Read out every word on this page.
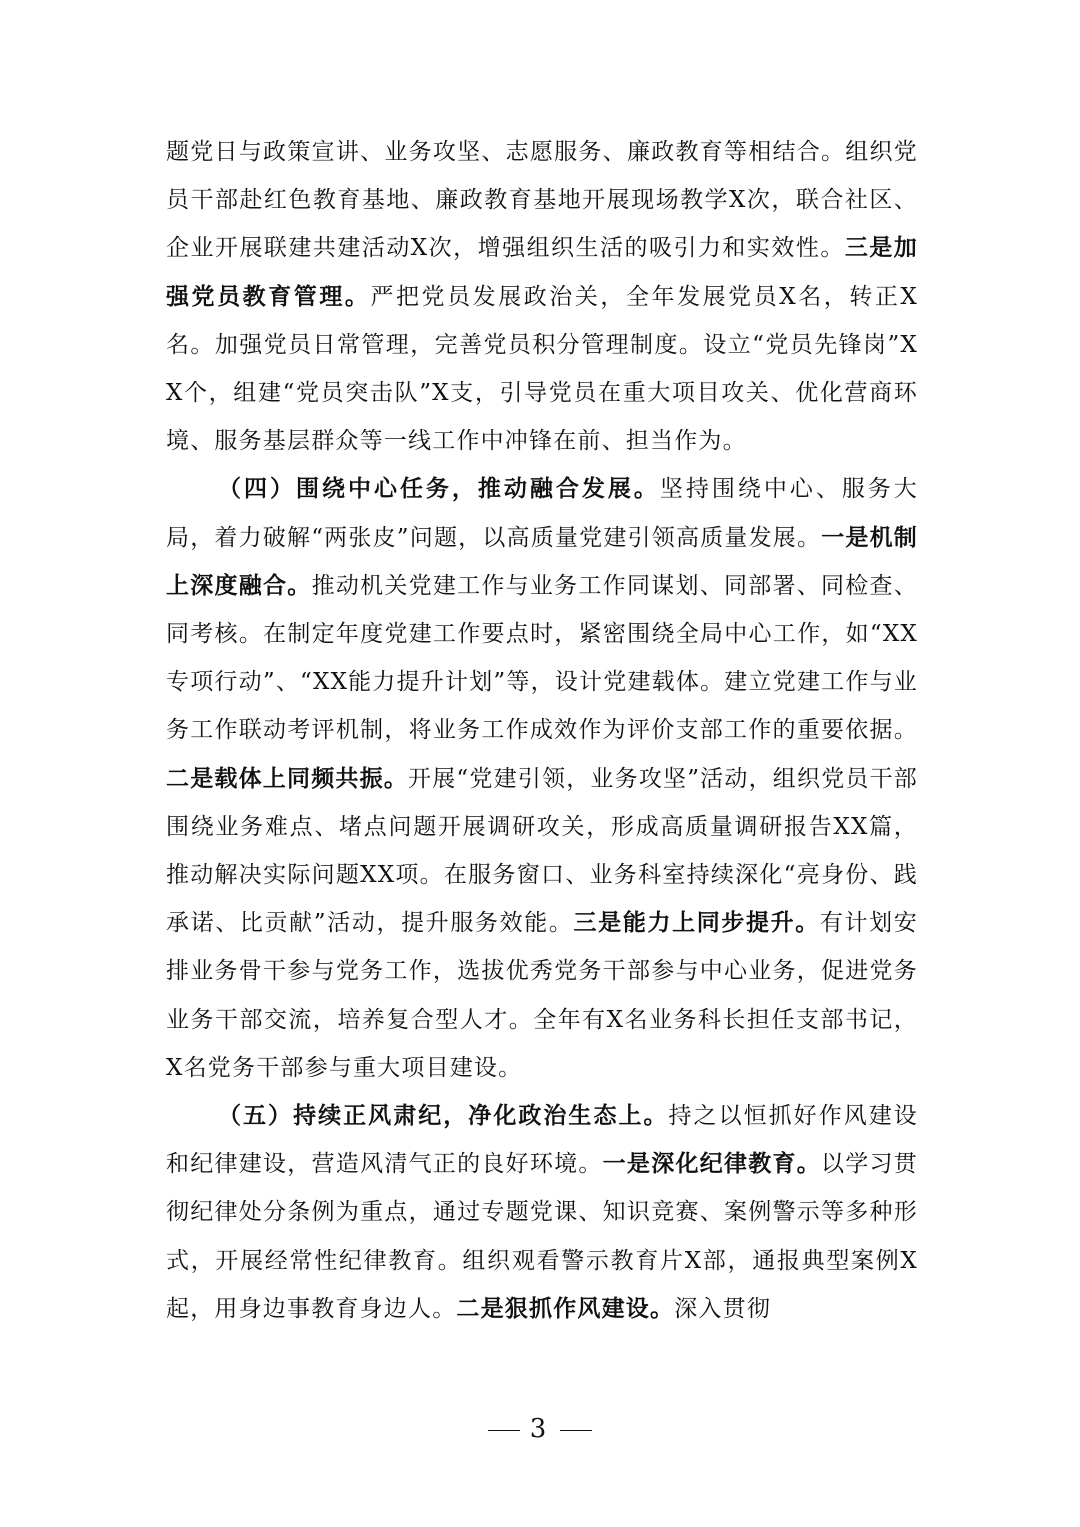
题党日与政策宣讲、业务攻坚、志愿服务、廉政教育等相结合。组织党员干部赴红色教育基地、廉政教育基地开展现场教学X次，联合社区、企业开展联建共建活动X次，增强组织生活的吸引力和实效性。三是加强党员教育管理。严把党员发展政治关，全年发展党员X名，转正X名。加强党员日常管理，完善党员积分管理制度。设立“党员先锋岗”XX个，组建“党员突击队”X支，引导党员在重大项目攻关、优化营商环境、服务基层群众等一线工作中冲锋在前、担当作为。

（四）围绕中心任务，推动融合发展。坚持围绕中心、服务大局，着力破解“两张皮”问题，以高质量党建引领高质量发展。一是机制上深度融合。推动机关党建工作与业务工作同谋划、同部署、同检查、同考核。在制定年度党建工作要点时，紧密围绕全局中心工作，如“XX专项行动”、“XX能力提升计划”等，设计党建载体。建立党建工作与业务工作联动考评机制，将业务工作成效作为评价支部工作的重要依据。二是载体上同频共振。开展“党建引领，业务攻坚”活动，组织党员干部围绕业务难点、堵点问题开展调研攻关，形成高质量调研报告XX篇，推动解决实际问题XX项。在服务窗口、业务科室持续深化“亮身份、践承诺、比贡献”活动，提升服务效能。三是能力上同步提升。有计划安排业务骨干参与党务工作，选拔优秀党务干部参与中心业务，促进党务业务干部交流，培养复合型人才。全年有X名业务科长担任支部书记，X名党务干部参与重大项目建设。

（五）持续正风肃纪，净化政治生态上。持之以恒抓好作风建设和纪律建设，营造风清气正的良好环境。一是深化纪律教育。以学习贯彻纪律处分条例为重点，通过专题党课、知识竞赛、案例警示等多种形式，开展经常性纪律教育。组织观看警示教育片X部，通报典型案例X起，用身边事教育身边人。二是狠抓作风建设。深入贯彻

3
